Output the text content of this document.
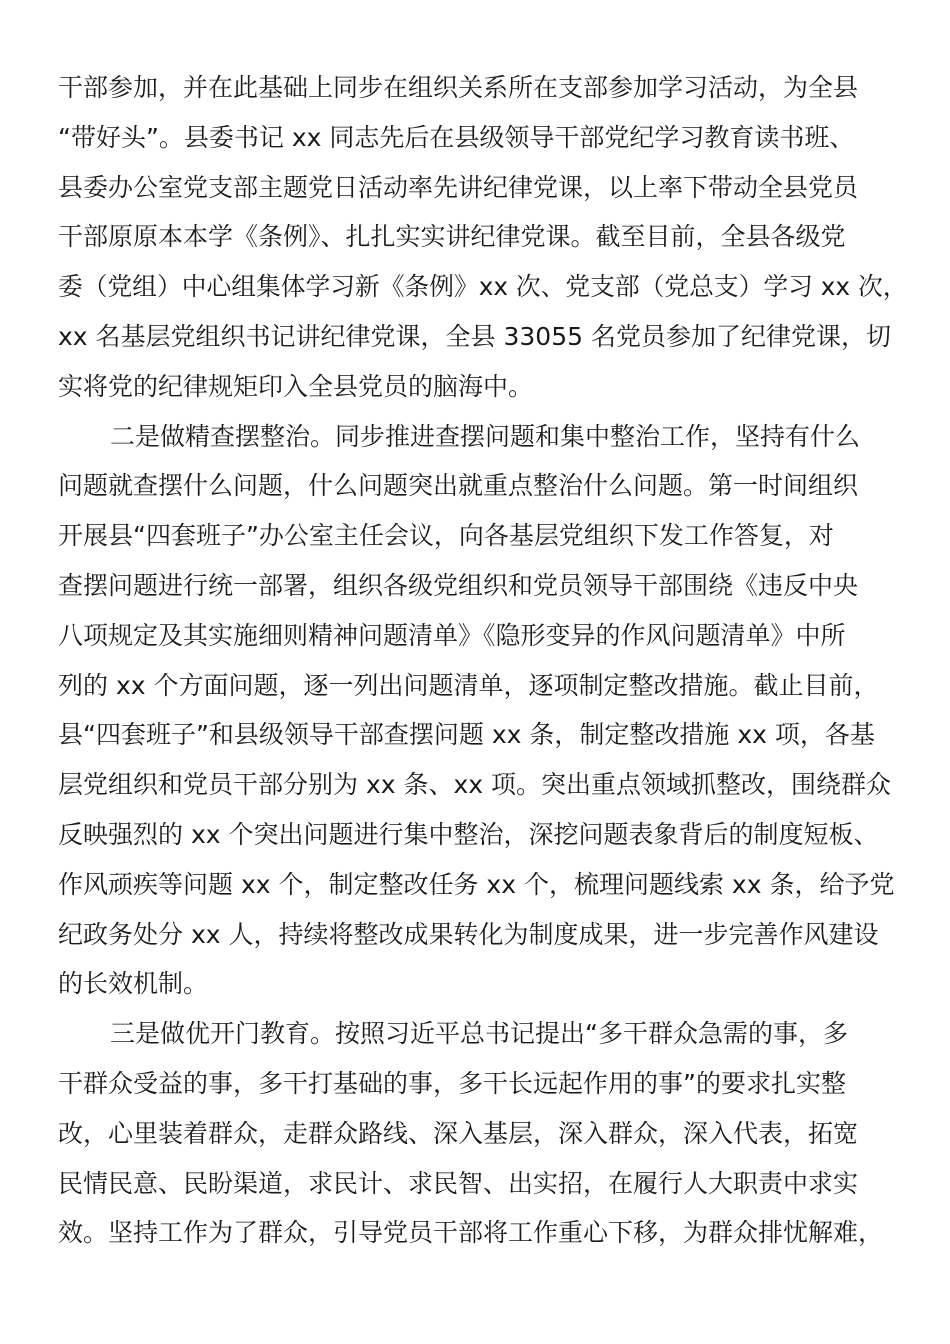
干部参加，并在此基础上同步在组织关系所在支部参加学习活动，为全县
“带好头”。县委书记 xx 同志先后在县级领导干部党纪学习教育读书班、
县委办公室党支部主题党日活动率先讲纪律党课，以上率下带动全县党员
干部原原本本学《条例》、扎扎实实讲纪律党课。截至目前，全县各级党
委（党组）中心组集体学习新《条例》xx 次、党支部（党总支）学习 xx 次，
xx 名基层党组织书记讲纪律党课，全县 33055 名党员参加了纪律党课，切
实将党的纪律规矩印入全县党员的脑海中。
二是做精查摆整治。同步推进查摆问题和集中整治工作，坚持有什么
问题就查摆什么问题，什么问题突出就重点整治什么问题。第一时间组织
开展县“四套班子”办公室主任会议，向各基层党组织下发工作答复，对
查摆问题进行统一部署，组织各级党组织和党员领导干部围绕《违反中央
八项规定及其实施细则精神问题清单》《隐形变异的作风问题清单》中所
列的 xx 个方面问题，逐一列出问题清单，逐项制定整改措施。截止目前，
县“四套班子”和县级领导干部查摆问题 xx 条，制定整改措施 xx 项，各基
层党组织和党员干部分别为 xx 条、xx 项。突出重点领域抓整改，围绕群众
反映强烈的 xx 个突出问题进行集中整治，深挖问题表象背后的制度短板、
作风顽疾等问题 xx 个，制定整改任务 xx 个，梳理问题线索 xx 条，给予党
纪政务处分 xx 人，持续将整改成果转化为制度成果，进一步完善作风建设
的长效机制。
三是做优开门教育。按照习近平总书记提出“多干群众急需的事，多
干群众受益的事，多干打基础的事，多干长远起作用的事”的要求扎实整
改，心里装着群众，走群众路线、深入基层，深入群众，深入代表，拓宽
民情民意、民盼渠道，求民计、求民智、出实招，在履行人大职责中求实
效。坚持工作为了群众，引导党员干部将工作重心下移，为群众排忧解难，
